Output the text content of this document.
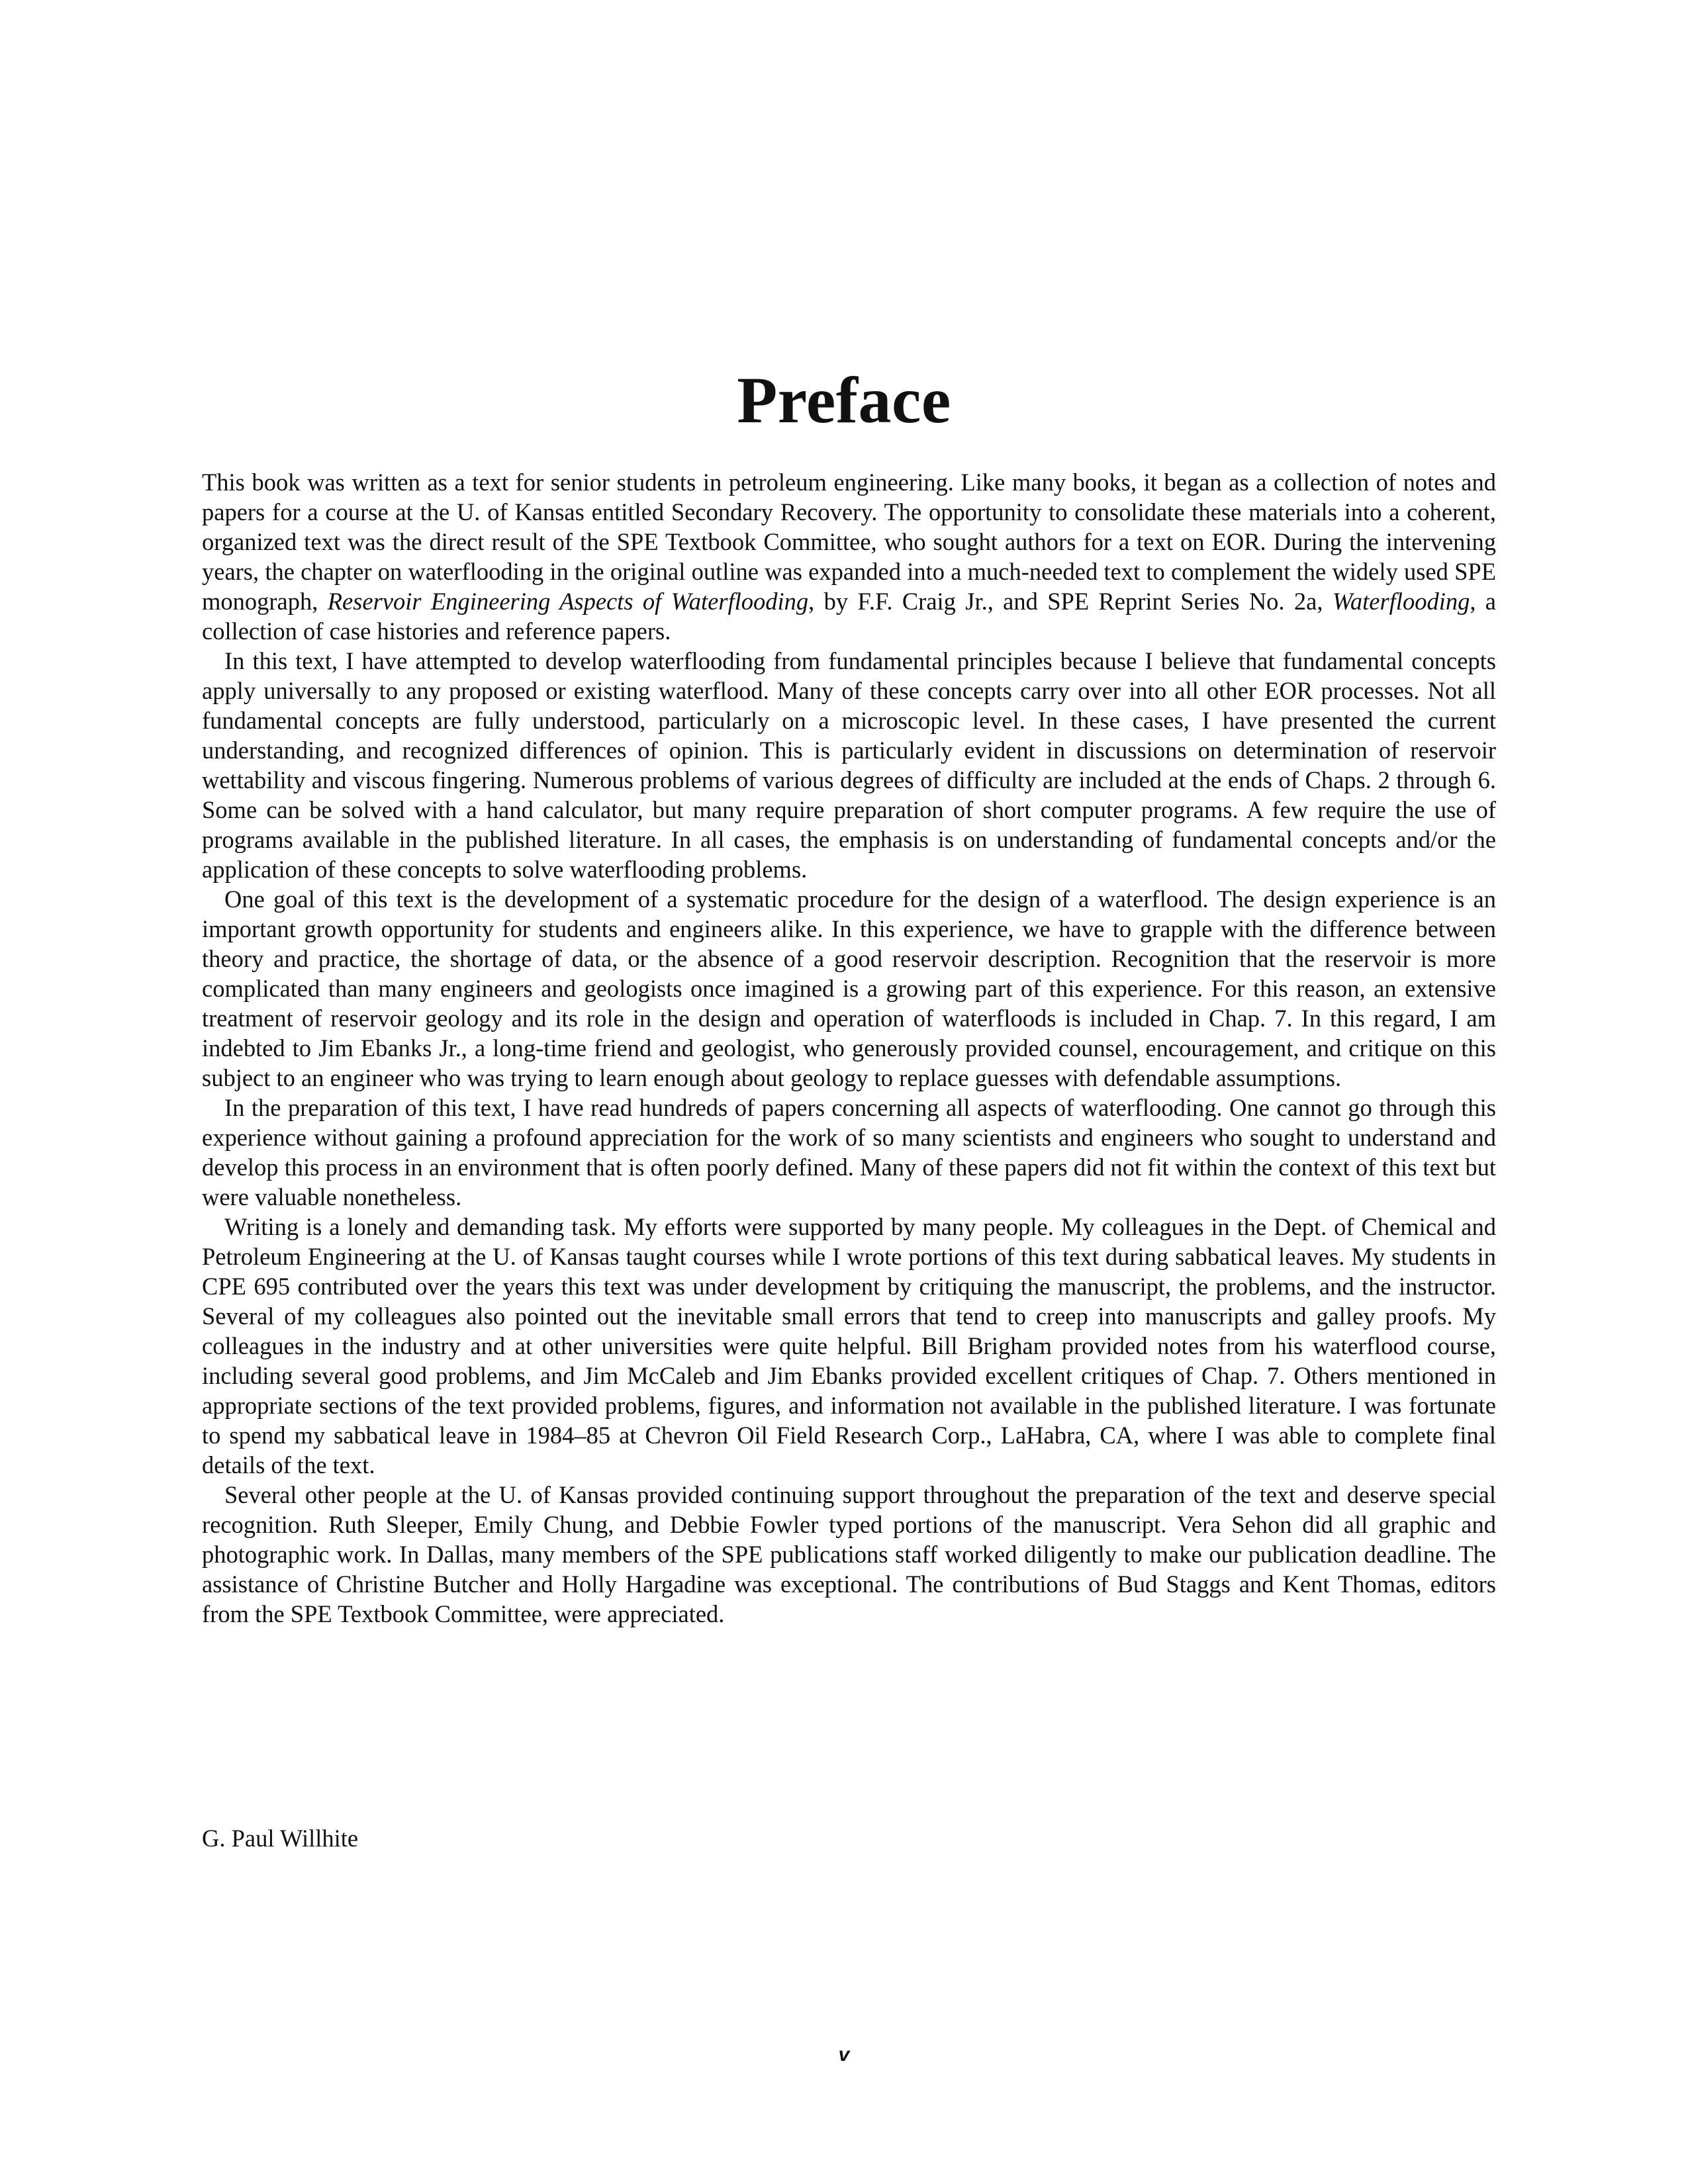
Preface

This book was written as a text for senior students in petroleum engineering. Like many books, it began as a collection of notes and papers for a course at the U. of Kansas entitled Secondary Recovery. The opportunity to consolidate these materials into a coherent, organized text was the direct result of the SPE Textbook Committee, who sought authors for a text on EOR. During the intervening years, the chapter on waterflooding in the original outline was expanded into a much-needed text to complement the widely used SPE monograph, Reservoir Engineering Aspects of Waterflooding, by F.F. Craig Jr., and SPE Reprint Series No. 2a, Waterflooding, a collection of case histories and reference papers.

In this text, I have attempted to develop waterflooding from fundamental principles because I believe that fundamental concepts apply universally to any proposed or existing waterflood. Many of these concepts carry over into all other EOR processes. Not all fundamental concepts are fully understood, particularly on a microscopic level. In these cases, I have presented the current understanding, and recognized differences of opinion. This is particularly evident in discussions on determination of reservoir wettability and viscous fingering. Numerous problems of various degrees of difficulty are included at the ends of Chaps. 2 through 6. Some can be solved with a hand calculator, but many require preparation of short computer programs. A few require the use of programs available in the published literature. In all cases, the emphasis is on understanding of fundamental concepts and/or the application of these concepts to solve waterflooding problems.

One goal of this text is the development of a systematic procedure for the design of a waterflood. The design experience is an important growth opportunity for students and engineers alike. In this experience, we have to grapple with the difference between theory and practice, the shortage of data, or the absence of a good reservoir description. Recognition that the reservoir is more complicated than many engineers and geologists once imagined is a growing part of this experience. For this reason, an extensive treatment of reservoir geology and its role in the design and operation of waterfloods is included in Chap. 7. In this regard, I am indebted to Jim Ebanks Jr., a long-time friend and geologist, who generously provided counsel, encouragement, and critique on this subject to an engineer who was trying to learn enough about geology to replace guesses with defendable assumptions.

In the preparation of this text, I have read hundreds of papers concerning all aspects of waterflooding. One cannot go through this experience without gaining a profound appreciation for the work of so many scientists and engineers who sought to understand and develop this process in an environment that is often poorly defined. Many of these papers did not fit within the context of this text but were valuable nonetheless.

Writing is a lonely and demanding task. My efforts were supported by many people. My colleagues in the Dept. of Chemical and Petroleum Engineering at the U. of Kansas taught courses while I wrote portions of this text during sabbatical leaves. My students in CPE 695 contributed over the years this text was under development by critiquing the manuscript, the problems, and the instructor. Several of my colleagues also pointed out the inevitable small errors that tend to creep into manuscripts and galley proofs. My colleagues in the industry and at other universities were quite helpful. Bill Brigham provided notes from his waterflood course, including several good problems, and Jim McCaleb and Jim Ebanks provided excellent critiques of Chap. 7. Others mentioned in appropriate sections of the text provided problems, figures, and information not available in the published literature. I was fortunate to spend my sabbatical leave in 1984–85 at Chevron Oil Field Research Corp., LaHabra, CA, where I was able to complete final details of the text.

Several other people at the U. of Kansas provided continuing support throughout the preparation of the text and deserve special recognition. Ruth Sleeper, Emily Chung, and Debbie Fowler typed portions of the manuscript. Vera Sehon did all graphic and photographic work. In Dallas, many members of the SPE publications staff worked diligently to make our publication deadline. The assistance of Christine Butcher and Holly Hargadine was exceptional. The contributions of Bud Staggs and Kent Thomas, editors from the SPE Textbook Committee, were appreciated.

G. Paul Willhite

v
